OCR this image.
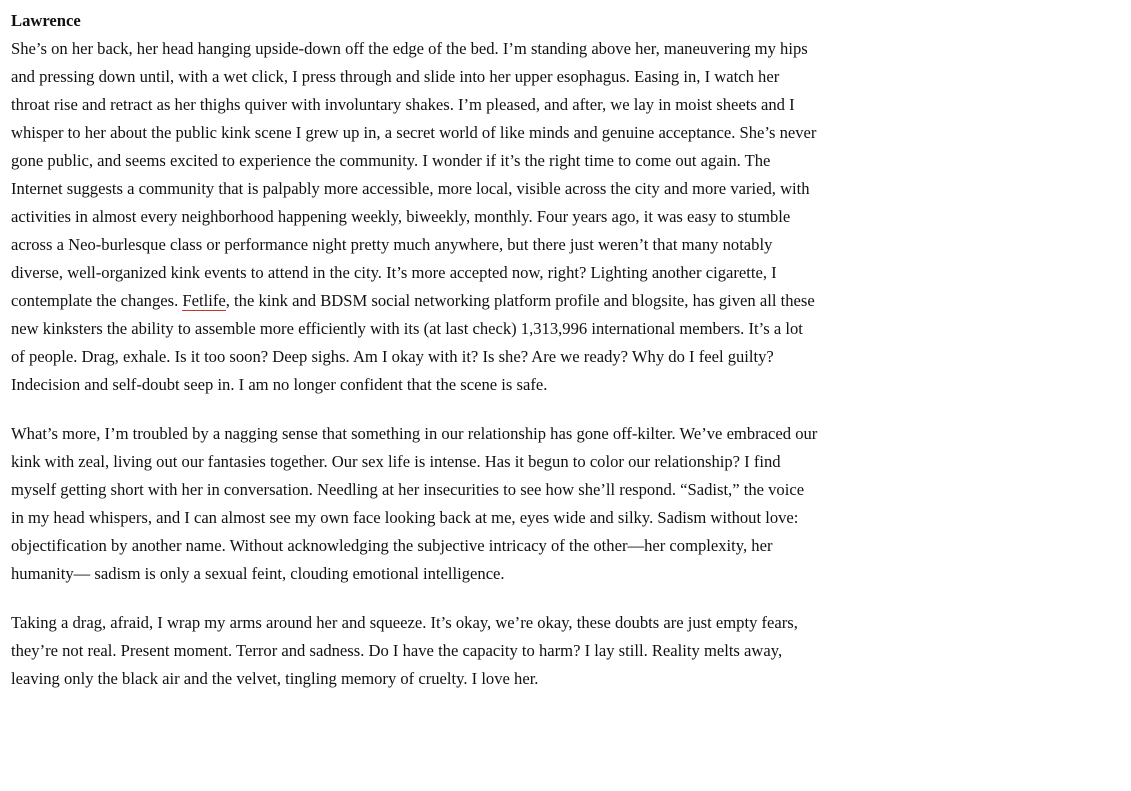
Lawrence

She’s on her back, her head hanging upside-down off the edge of the bed. I’m standing above her, maneuvering my hips and pressing down until, with a wet click, I press through and slide into her upper esophagus. Easing in, I watch her throat rise and retract as her thighs quiver with involuntary shakes. I’m pleased, and after, we lay in moist sheets and I whisper to her about the public kink scene I grew up in, a secret world of like minds and genuine acceptance. She’s never gone public, and seems excited to experience the community. I wonder if it’s the right time to come out again. The Internet suggests a community that is palpably more accessible, more local, visible across the city and more varied, with activities in almost every neighborhood happening weekly, biweekly, monthly. Four years ago, it was easy to stumble across a Neo-burlesque class or performance night pretty much anywhere, but there just weren’t that many notably diverse, well-organized kink events to attend in the city. It’s more accepted now, right? Lighting another cigarette, I contemplate the changes. Fetlife, the kink and BDSM social networking platform profile and blogsite, has given all these new kinksters the ability to assemble more efficiently with its (at last check) 1,313,996 international members. It’s a lot of people. Drag, exhale. Is it too soon? Deep sighs. Am I okay with it? Is she? Are we ready? Why do I feel guilty? Indecision and self-doubt seep in. I am no longer confident that the scene is safe.

What’s more, I’m troubled by a nagging sense that something in our relationship has gone off-kilter. We’ve embraced our kink with zeal, living out our fantasies together. Our sex life is intense. Has it begun to color our relationship? I find myself getting short with her in conversation. Needling at her insecurities to see how she’ll respond. “Sadist,” the voice in my head whispers, and I can almost see my own face looking back at me, eyes wide and silky. Sadism without love: objectification by another name. Without acknowledging the subjective intricacy of the other—her complexity, her humanity— sadism is only a sexual feint, clouding emotional intelligence.

Taking a drag, afraid, I wrap my arms around her and squeeze. It’s okay, we’re okay, these doubts are just empty fears, they’re not real. Present moment. Terror and sadness. Do I have the capacity to harm? I lay still. Reality melts away, leaving only the black air and the velvet, tingling memory of cruelty. I love her.
